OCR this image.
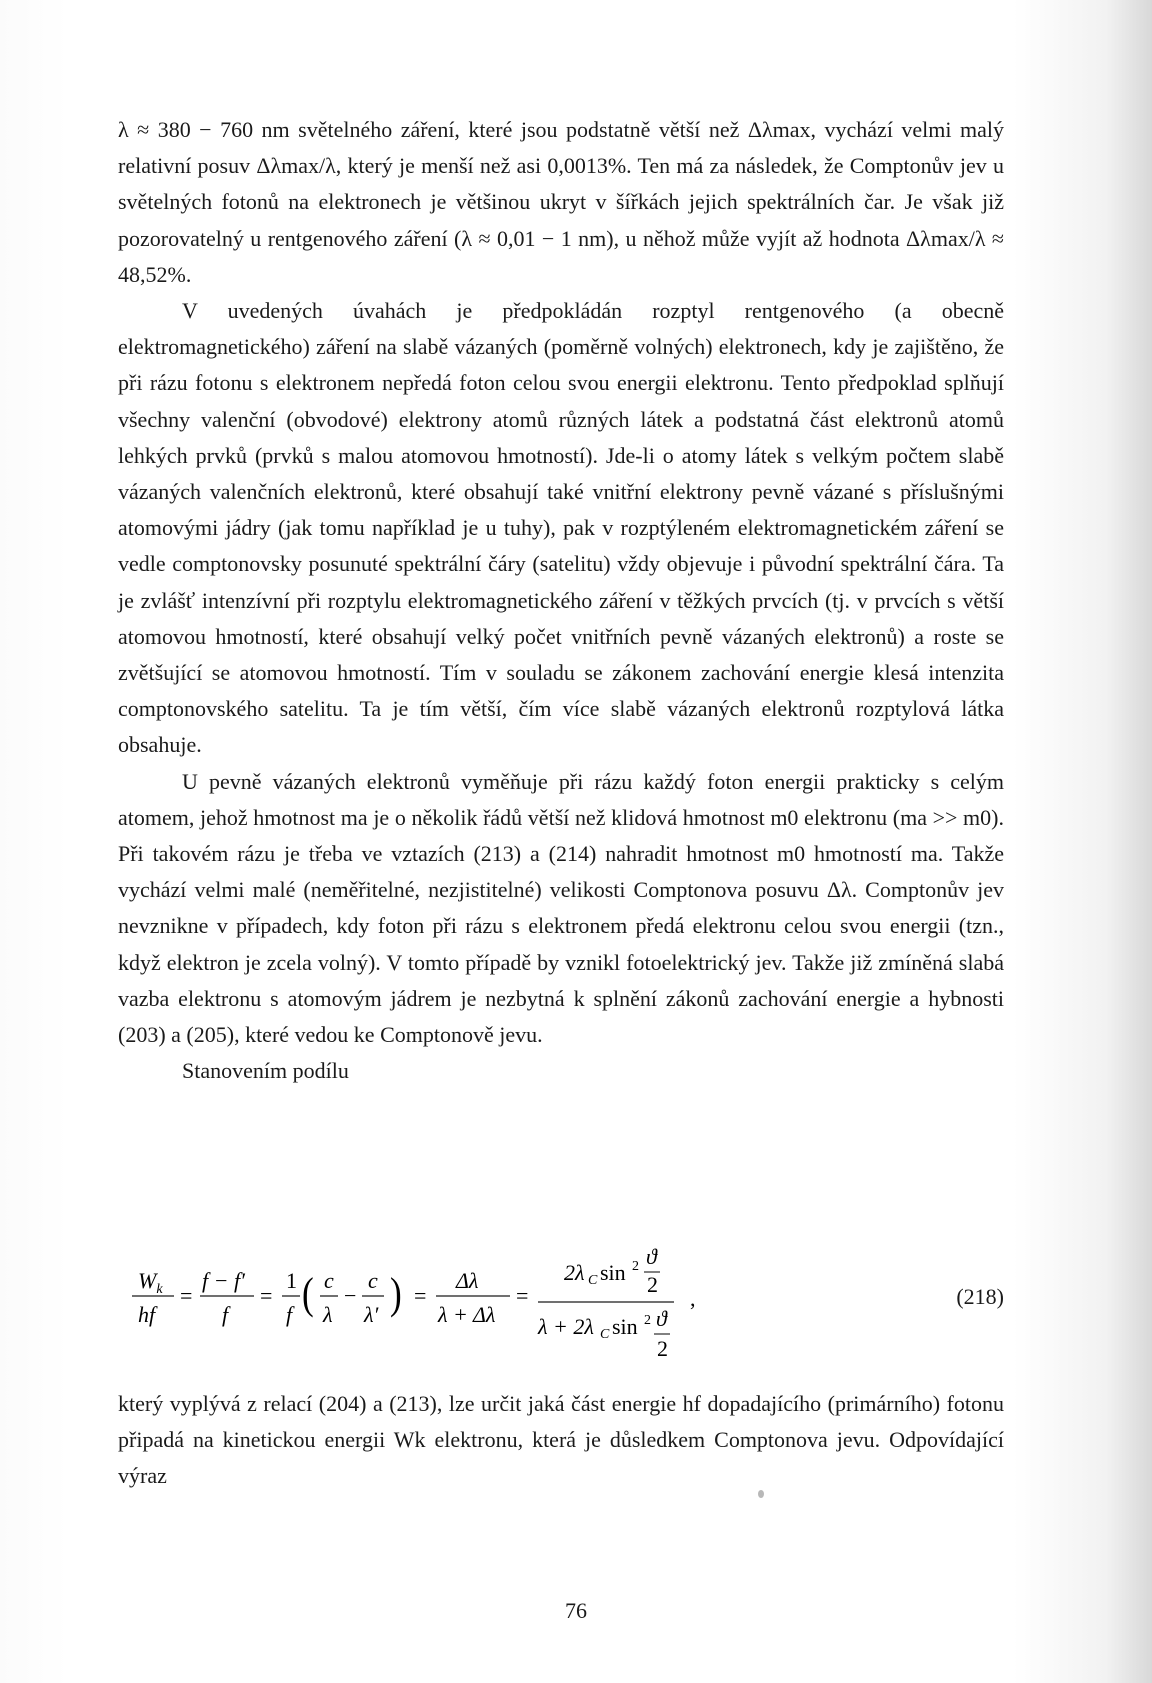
λ ≈ 380 − 760 nm světelného záření, které jsou podstatně větší než Δλmax, vychází velmi malý relativní posuv Δλmax/λ, který je menší než asi 0,0013%. Ten má za následek, že Comptonův jev u světelných fotonů na elektronech je většinou ukryt v šířkách jejich spektrálních čar. Je však již pozorovatelný u rentgenového záření (λ ≈ 0,01 − 1 nm), u něhož může vyjít až hodnota Δλmax/λ ≈ 48,52%.

V uvedených úvahách je předpokládán rozptyl rentgenového (a obecně elektromagnetického) záření na slabě vázaných (poměrně volných) elektronech, kdy je zajištěno, že při rázu fotonu s elektronem nepředá foton celou svou energii elektronu. Tento předpoklad splňují všechny valenční (obvodové) elektrony atomů různých látek a podstatná část elektronů atomů lehkých prvků (prvků s malou atomovou hmotností). Jde-li o atomy látek s velkým počtem slabě vázaných valenčních elektronů, které obsahují také vnitřní elektrony pevně vázané s příslušnými atomovými jádry (jak tomu například je u tuhy), pak v rozptýleném elektromagnetickém záření se vedle comptonovsky posunuté spektrální čáry (satelitu) vždy objevuje i původní spektrální čára. Ta je zvlášť intenzívní při rozptylu elektromagnetického záření v těžkých prvcích (tj. v prvcích s větší atomovou hmotností, které obsahují velký počet vnitřních pevně vázaných elektronů) a roste se zvětšující se atomovou hmotností. Tím v souladu se zákonem zachování energie klesá intenzita comptonovského satelitu. Ta je tím větší, čím více slabě vázaných elektronů rozptylová látka obsahuje.

U pevně vázaných elektronů vyměňuje při rázu každý foton energii prakticky s celým atomem, jehož hmotnost ma je o několik řádů větší než klidová hmotnost m0 elektronu (ma >> m0). Při takovém rázu je třeba ve vztazích (213) a (214) nahradit hmotnost m0 hmotností ma. Takže vychází velmi malé (neměřitelné, nezjistitelné) velikosti Comptonova posuvu Δλ. Comptonův jev nevznikne v případech, kdy foton při rázu s elektronem předá elektronu celou svou energii (tzn., když elektron je zcela volný). V tomto případě by vznikl fotoelektrický jev. Takže již zmíněná slabá vazba elektronu s atomovým jádrem je nezbytná k splnění zákonů zachování energie a hybnosti (203) a (205), které vedou ke Comptonově jevu.

Stanovením podílu

$W_k$
hf
=
f − f′
f
=
1
f ( c
λ
−
c
λ′ ) =
Δλ
λ + Δλ
=
2λ C sin 2 ϑ
2
λ + 2λ C sin 2 ϑ
2
,	(218)

který vyplývá z relací (204) a (213), lze určit jaká část energie hf dopadajícího (primárního) fotonu připadá na kinetickou energii Wk elektronu, která je důsledkem Comptonova jevu. Odpovídající výraz

76
